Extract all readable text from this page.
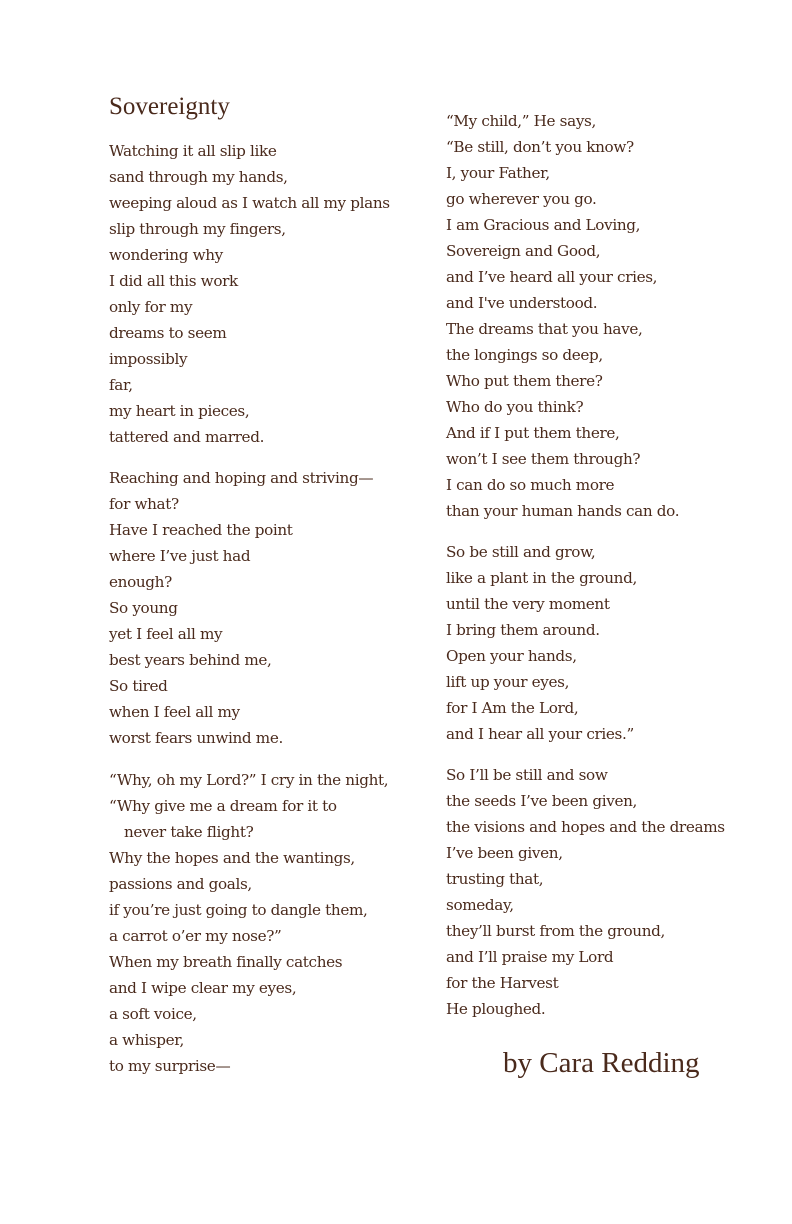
Sovereignty
Watching it all slip like
sand through my hands,
weeping aloud as I watch all my plans
slip through my fingers,
wondering why
I did all this work
only for my
dreams to seem
impossibly
far,
my heart in pieces,
tattered and marred.
Reaching and hoping and striving—
for what?
Have I reached the point
where I’ve just had
enough?
So young
yet I feel all my
best years behind me,
So tired
when I feel all my
worst fears unwind me.
“Why, oh my Lord?” I cry in the night,
“Why give me a dream for it to
never take flight?
Why the hopes and the wantings,
passions and goals,
if you’re just going to dangle them,
a carrot o’er my nose?”
When my breath finally catches
and I wipe clear my eyes,
a soft voice,
a whisper,
to my surprise—
“My child,” He says,
“Be still, don’t you know?
I, your Father,
go wherever you go.
I am Gracious and Loving,
Sovereign and Good,
and I’ve heard all your cries,
and I've understood.
The dreams that you have,
the longings so deep,
Who put them there?
Who do you think?
And if I put them there,
won’t I see them through?
I can do so much more
than your human hands can do.
So be still and grow,
like a plant in the ground,
until the very moment
I bring them around.
Open your hands,
lift up your eyes,
for I Am the Lord,
and I hear all your cries.”
So I’ll be still and sow
the seeds I’ve been given,
the visions and hopes and the dreams
I’ve been given,
trusting that,
someday,
they’ll burst from the ground,
and I’ll praise my Lord
for the Harvest
He ploughed.

by Cara Redding
